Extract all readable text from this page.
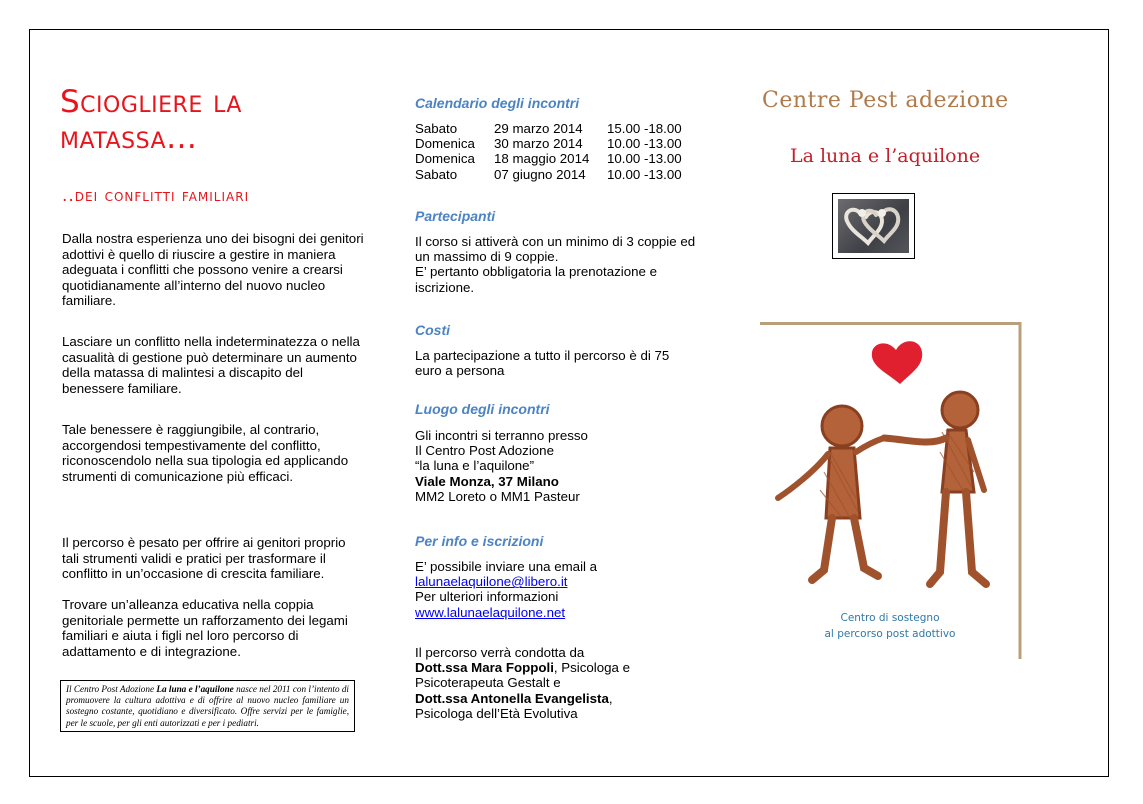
Sciogliere la matassa…
..dei conflitti familiari
Dalla nostra esperienza uno dei bisogni dei genitori adottivi è quello di riuscire a gestire in maniera adeguata i conflitti che possono venire a crearsi quotidianamente all’interno del nuovo nucleo familiare.
Lasciare un conflitto nella indeterminatezza o nella casualità di gestione può determinare un aumento della matassa di malintesi a discapito del benessere familiare.
Tale benessere è raggiungibile, al contrario, accorgendosi tempestivamente del conflitto, riconoscendolo nella sua tipologia ed applicando strumenti di comunicazione più efficaci.
Il percorso è pesato per offrire ai genitori proprio tali strumenti validi e pratici per trasformare il conflitto in un’occasione di crescita familiare.
Trovare un’alleanza educativa nella coppia genitoriale permette un rafforzamento dei legami familiari e aiuta i figli nel loro percorso di adattamento e di integrazione.
Il Centro Post Adozione La luna e l’aquilone nasce nel 2011 con l’intento di promuovere la cultura adottiva e di offrire al nuovo nucleo familiare un sostegno costante, quotidiano e diversificato. Offre servizi per le famiglie, per le scuole, per gli enti autorizzati e per i pediatri.
Calendario degli incontri
Sabato	29 marzo 2014 15.00 -18.00
Domenica 30 marzo 2014 10.00 -13.00
Domenica 18 maggio 2014 10.00 -13.00
Sabato	07 giugno 2014 10.00 -13.00
Partecipanti
Il corso si attiverà con un minimo di 3 coppie ed un massimo di 9 coppie.
E’ pertanto obbligatoria la prenotazione e iscrizione.
Costi
La partecipazione a tutto il percorso è di 75 euro a persona
Luogo degli incontri
Gli incontri si terranno presso
Il Centro Post Adozione
“la luna e l’aquilone”
Viale Monza, 37 Milano
MM2 Loreto o MM1 Pasteur
Per info e iscrizioni
E’ possibile inviare una email a
lalunaelaquilone@libero.it
Per ulteriori informazioni
www.lalunaelaquilone.net
Il percorso verrà condotta da
Dott.ssa Mara Foppoli, Psicologa e Psicoterapeuta Gestalt e
Dott.ssa Antonella Evangelista,
Psicologa dell’Età Evolutiva
Centre Pest adezione
La luna e l’aquilone
Centro di sostegno
al percorso post adottivo
